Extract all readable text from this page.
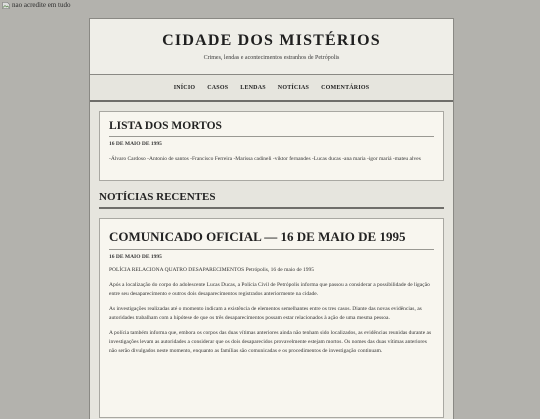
nao acredite em tudo
CIDADE DOS MISTÉRIOS
Crimes, lendas e acontecimentos estranhos de Petrópolis
INÍCIO CASOS LENDAS NOTÍCIAS COMENTÁRIOS
LISTA DOS MORTOS
16 DE MAIO DE 1995
-Álvaro Cardoso -Antonio de santos -Francisco Ferreira -Marissa cadineli -viktor fernandes -Lucas ducas -ana maria -igor mariá -mateu alves
NOTÍCIAS RECENTES
COMUNICADO OFICIAL — 16 DE MAIO DE 1995
16 DE MAIO DE 1995
POLÍCIA RELACIONA QUATRO DESAPARECIMENTOS Petrópolis, 16 de maio de 1995
Após a localização do corpo do adolescente Lucas Ducas, a Polícia Civil de Petrópolis informa que passou a considerar a possibilidade de ligação entre seu desaparecimento e outros dois desaparecimentos registrados anteriormente na cidade.
As investigações realizadas até o momento indicam a existência de elementos semelhantes entre os tres casos. Diante das novas evidências, as autoridades trabalham com a hipótese de que os três desaparecimentos possam estar relacionados à ação de uma mesma pessoa.
A polícia também informa que, embora os corpos das duas vítimas anteriores ainda não tenham sido localizados, as evidências reunidas durante as investigações levam as autoridades a considerar que os dois desaparecidos provavelmente estejam mortos. Os nomes das duas vítimas anteriores não serão divulgados neste momento, enquanto as famílias são comunicadas e os procedimentos de investigação continuam.
